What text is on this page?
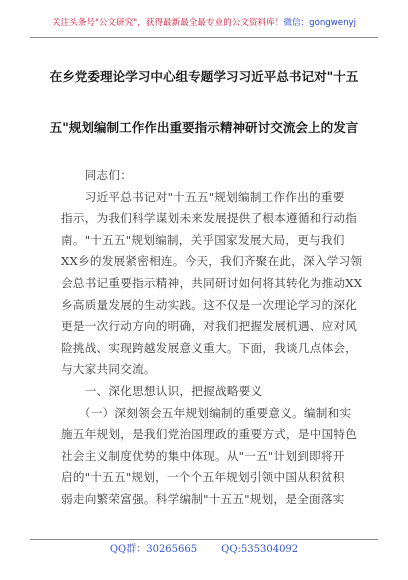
关注头条号"公文研究"，获得最新最全最专业的公文资料库！微信：gongwenyj
在乡党委理论学习中心组专题学习习近平总书记对"十五
五"规划编制工作作出重要指示精神研讨交流会上的发言

　　同志们：

　　习近平总书记对"十五五"规划编制工作作出的重要

指示，为我们科学谋划未来发展提供了根本遵循和行动指

南。"十五五"规划编制，关乎国家发展大局，更与我们

XX乡的发展紧密相连。今天，我们齐聚在此，深入学习领

会总书记重要指示精神，共同研讨如何将其转化为推动XX

乡高质量发展的生动实践。这不仅是一次理论学习的深化

更是一次行动方向的明确，对我们把握发展机遇、应对风

险挑战、实现跨越发展意义重大。下面，我谈几点体会，

与大家共同交流。

　　一、深化思想认识，把握战略要义

　　（一）深刻领会五年规划编制的重要意义。编制和实

施五年规划，是我们党治国理政的重要方式，是中国特色

社会主义制度优势的集中体现。从"一五"计划到即将开

启的"十五五"规划，一个个五年规划引领中国从积贫积

弱走向繁荣富强。科学编制"十五五"规划，是全面落实

QQ群：30265665 QQ:535304092
